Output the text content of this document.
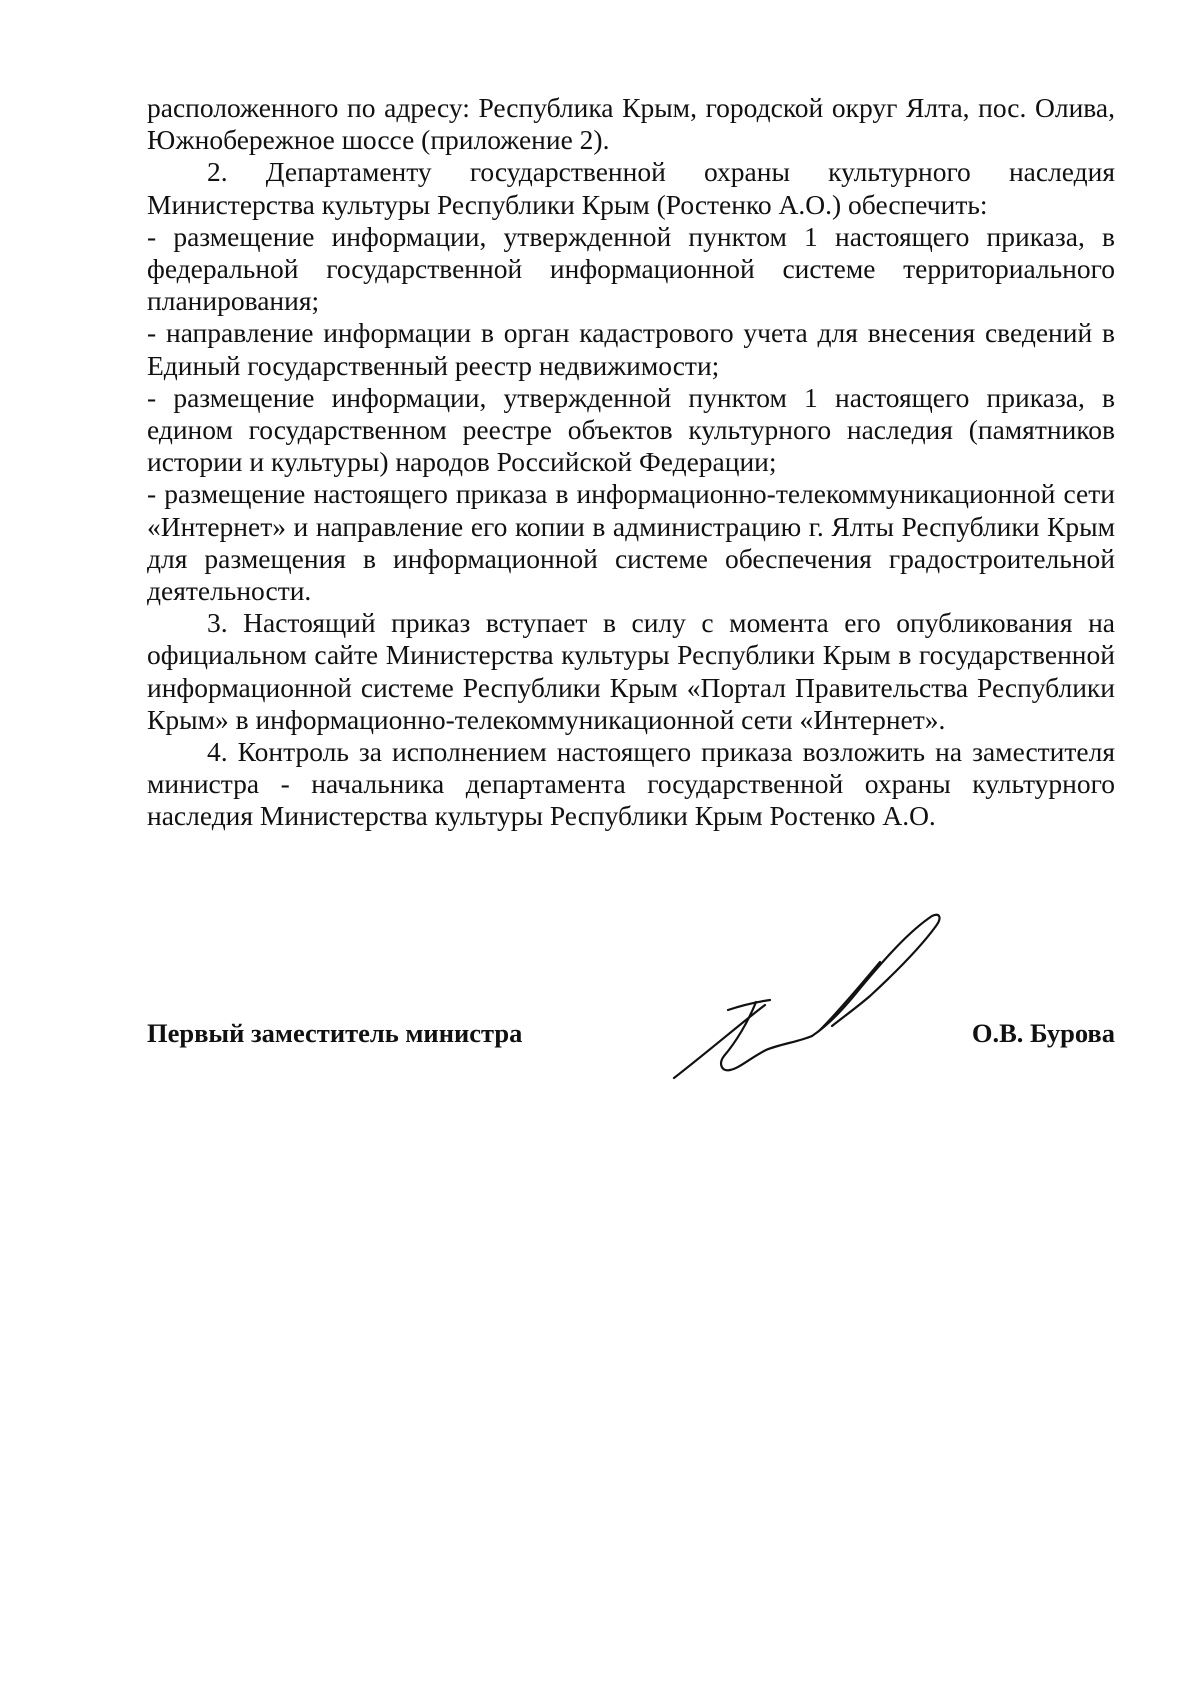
расположенного по адресу: Республика Крым, городской округ Ялта, пос. Олива, Южнобережное шоссе (приложение 2).

2. Департаменту государственной охраны культурного наследия Министерства культуры Республики Крым (Ростенко А.О.) обеспечить:

- размещение информации, утвержденной пунктом 1 настоящего приказа, в федеральной государственной информационной системе территориального планирования;

- направление информации в орган кадастрового учета для внесения сведений в Единый государственный реестр недвижимости;

- размещение информации, утвержденной пунктом 1 настоящего приказа, в едином государственном реестре объектов культурного наследия (памятников истории и культуры) народов Российской Федерации;

- размещение настоящего приказа в информационно-телекоммуникационной сети «Интернет» и направление его копии в администрацию г. Ялты Республики Крым для размещения в информационной системе обеспечения градостроительной деятельности.

3. Настоящий приказ вступает в силу с момента его опубликования на официальном сайте Министерства культуры Республики Крым в государственной информационной системе Республики Крым «Портал Правительства Республики Крым» в информационно-телекоммуникационной сети «Интернет».

4. Контроль за исполнением настоящего приказа возложить на заместителя министра - начальника департамента государственной охраны культурного наследия Министерства культуры Республики Крым Ростенко А.О.

Первый заместитель министра	О.В. Бурова
